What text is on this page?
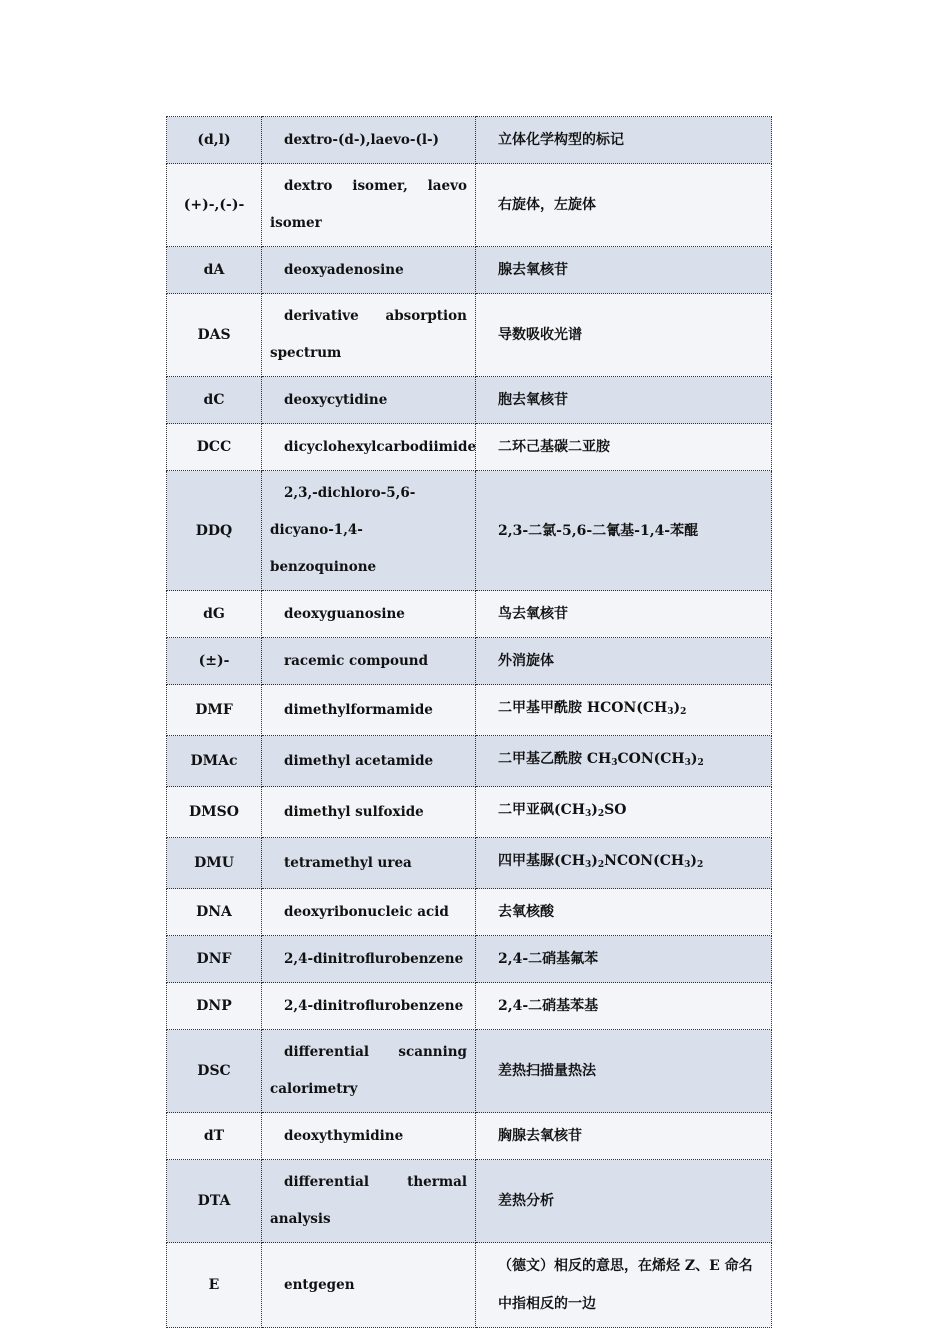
(d,l)	dextro-(d-),laevo-(l-)	立体化学构型的标记
(+)-,(-)-	dextro isomer, laevo isomer	右旋体，左旋体
dA	deoxyadenosine	腺去氧核苷
DAS	derivative absorption spectrum	导数吸收光谱
dC	deoxycytidine	胞去氧核苷
DCC	dicyclohexylcarbodiimide	二环己基碳二亚胺
DDQ	2,3,-dichloro-5,6-dicyano-1,4-benzoquinone	2,3-二氯-5,6-二氰基-1,4-苯醌
dG	deoxyguanosine	鸟去氧核苷
(±)-	racemic compound	外消旋体
DMF	dimethylformamide	二甲基甲酰胺 $HCON(CH_3)_2$
DMAc	dimethyl acetamide	二甲基乙酰胺 $CH_3CON(CH_3)_2$
DMSO	dimethyl sulfoxide	二甲亚砜$(CH_3)_2SO$
DMU	tetramethyl urea	四甲基脲$(CH_3)_2NCON(CH_3)_2$
DNA	deoxyribonucleic acid	去氧核酸
DNF	2,4-dinitroflurobenzene	2,4-二硝基氟苯
DNP	2,4-dinitroflurobenzene	2,4-二硝基苯基
DSC	differential scanning calorimetry	差热扫描量热法
dT	deoxythymidine	胸腺去氧核苷
DTA	differential thermal analysis	差热分析
E	entgegen	（德文）相反的意思，在烯烃 Z、E 命名中指相反的一边
